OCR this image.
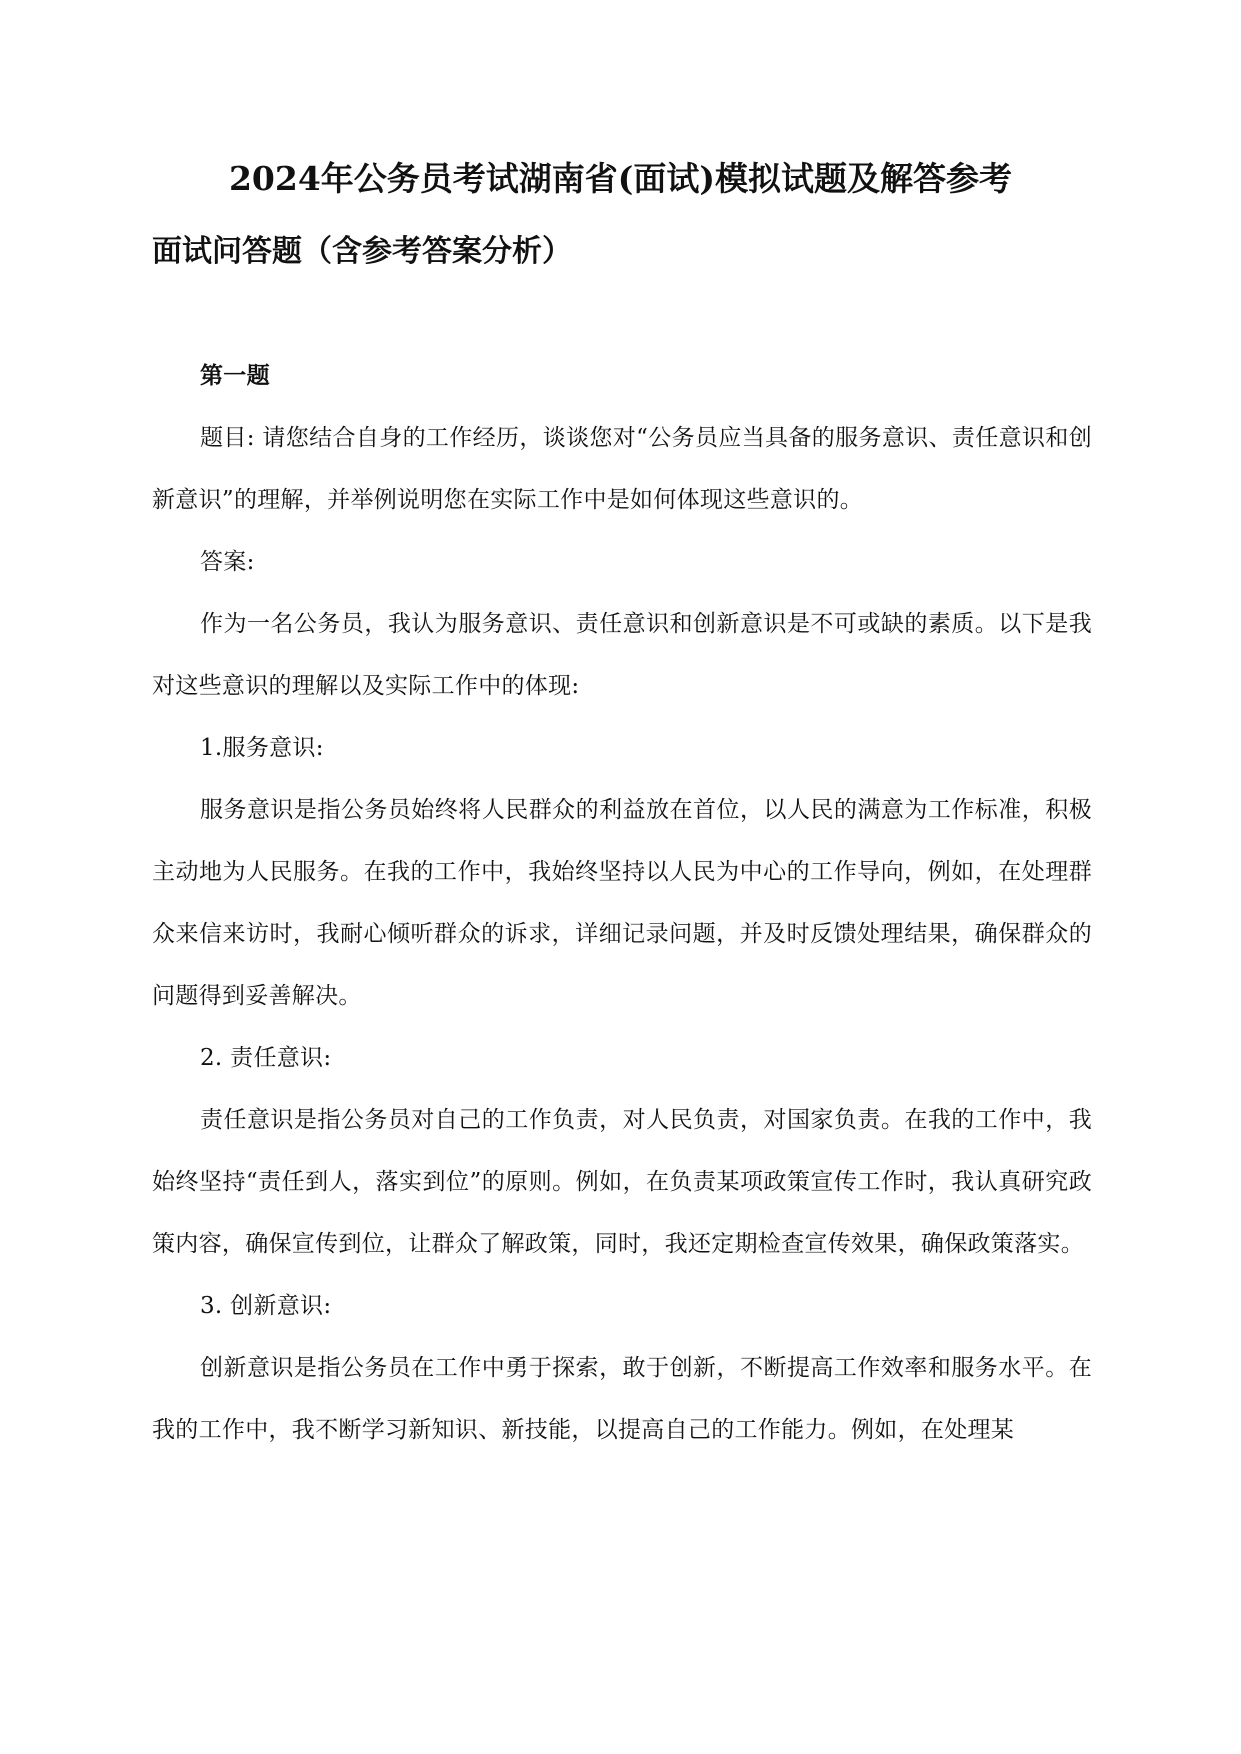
2024年公务员考试湖南省(面试)模拟试题及解答参考
面试问答题（含参考答案分析）

第一题

题目: 请您结合自身的工作经历，谈谈您对“公务员应当具备的服务意识、责任意识和创新意识”的理解，并举例说明您在实际工作中是如何体现这些意识的。

答案:

作为一名公务员，我认为服务意识、责任意识和创新意识是不可或缺的素质。以下是我对这些意识的理解以及实际工作中的体现:

1.服务意识:

服务意识是指公务员始终将人民群众的利益放在首位，以人民的满意为工作标准，积极主动地为人民服务。在我的工作中，我始终坚持以人民为中心的工作导向，例如，在处理群众来信来访时，我耐心倾听群众的诉求，详细记录问题，并及时反馈处理结果，确保群众的问题得到妥善解决。

2. 责任意识:

责任意识是指公务员对自己的工作负责，对人民负责，对国家负责。在我的工作中，我始终坚持“责任到人，落实到位”的原则。例如，在负责某项政策宣传工作时，我认真研究政策内容，确保宣传到位，让群众了解政策，同时，我还定期检查宣传效果，确保政策落实。

3. 创新意识:

创新意识是指公务员在工作中勇于探索，敢于创新，不断提高工作效率和服务水平。在我的工作中，我不断学习新知识、新技能，以提高自己的工作能力。例如，在处理某
